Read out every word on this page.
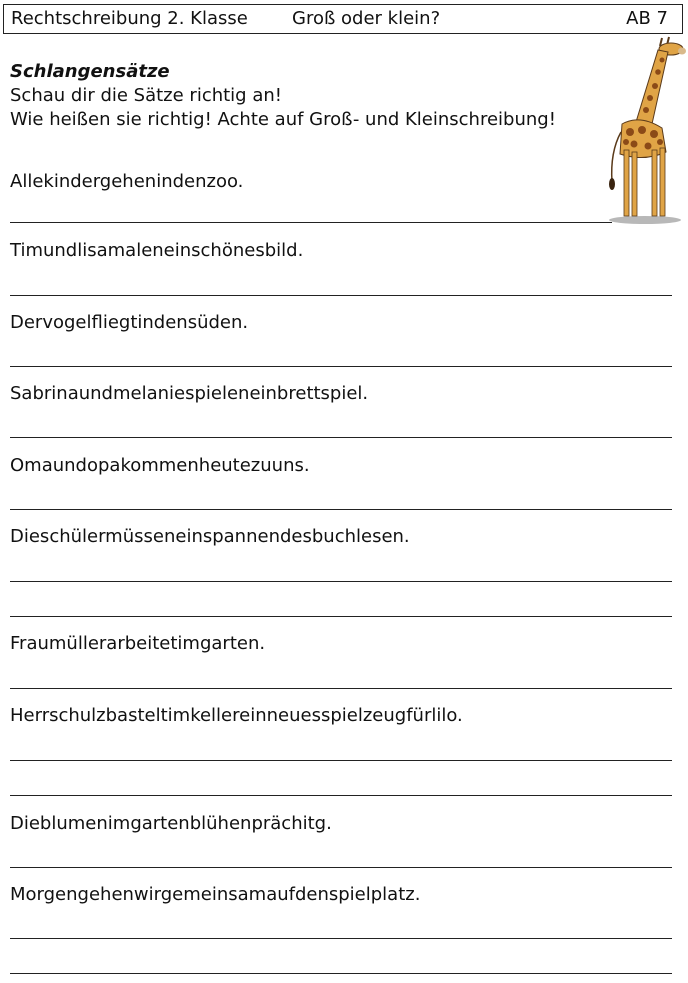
Rechtschreibung 2. Klasse Groß oder klein?	AB 7
Schlangensätze
Schau dir die Sätze richtig an!
Wie heißen sie richtig! Achte auf Groß- und Kleinschreibung!
Allekindergehenindenzoo.
Timundlisamaleneinschönesbild.
Dervogelfliegtindensüden.
Sabrinaundmelaniespieleneinbrettspiel.
Omaundopakommenheutezuuns.
Dieschülermüsseneinspannendesbuchlesen.
Fraumüllerarbeitetimgarten.
Herrschulzbasteltimkellereinneuesspielzeugfürlilo.
Dieblumenimgartenblühenprächitg.
Morgengehenwirgemeinsamaufdenspielplatz.
